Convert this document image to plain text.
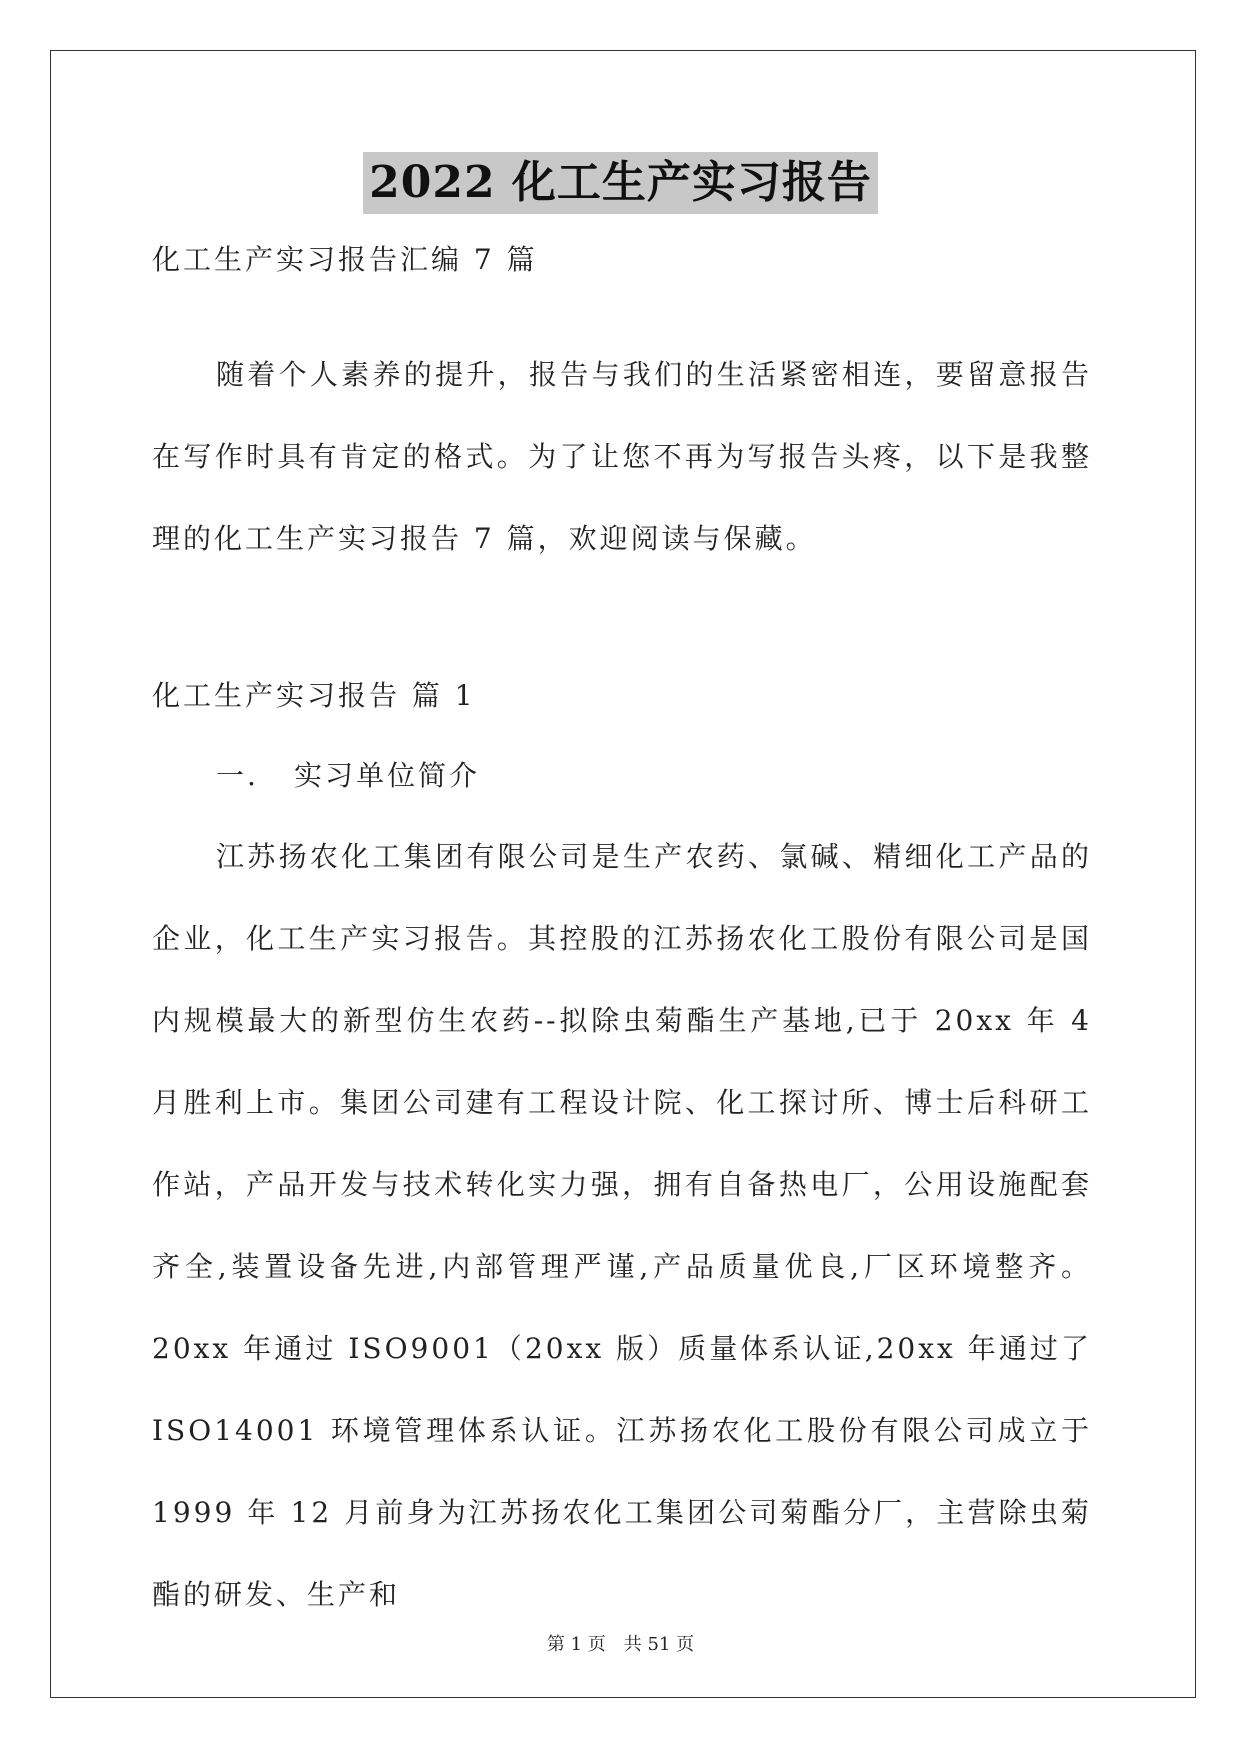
2022 化工生产实习报告
化工生产实习报告汇编 7 篇
随着个人素养的提升，报告与我们的生活紧密相连，要留意报告在写作时具有肯定的格式。为了让您不再为写报告头疼，以下是我整理的化工生产实习报告 7 篇，欢迎阅读与保藏。
化工生产实习报告 篇 1
一. 实习单位简介
江苏扬农化工集团有限公司是生产农药、氯碱、精细化工产品的企业，化工生产实习报告。其控股的江苏扬农化工股份有限公司是国内规模最大的新型仿生农药--拟除虫菊酯生产基地,已于 20xx 年 4 月胜利上市。集团公司建有工程设计院、化工探讨所、博士后科研工作站，产品开发与技术转化实力强，拥有自备热电厂，公用设施配套齐全,装置设备先进,内部管理严谨,产品质量优良,厂区环境整齐。20xx 年通过 ISO9001（20xx 版）质量体系认证,20xx 年通过了 ISO14001 环境管理体系认证。江苏扬农化工股份有限公司成立于 1999 年 12 月前身为江苏扬农化工集团公司菊酯分厂，主营除虫菊酯的研发、生产和
第 1 页　共 51 页
